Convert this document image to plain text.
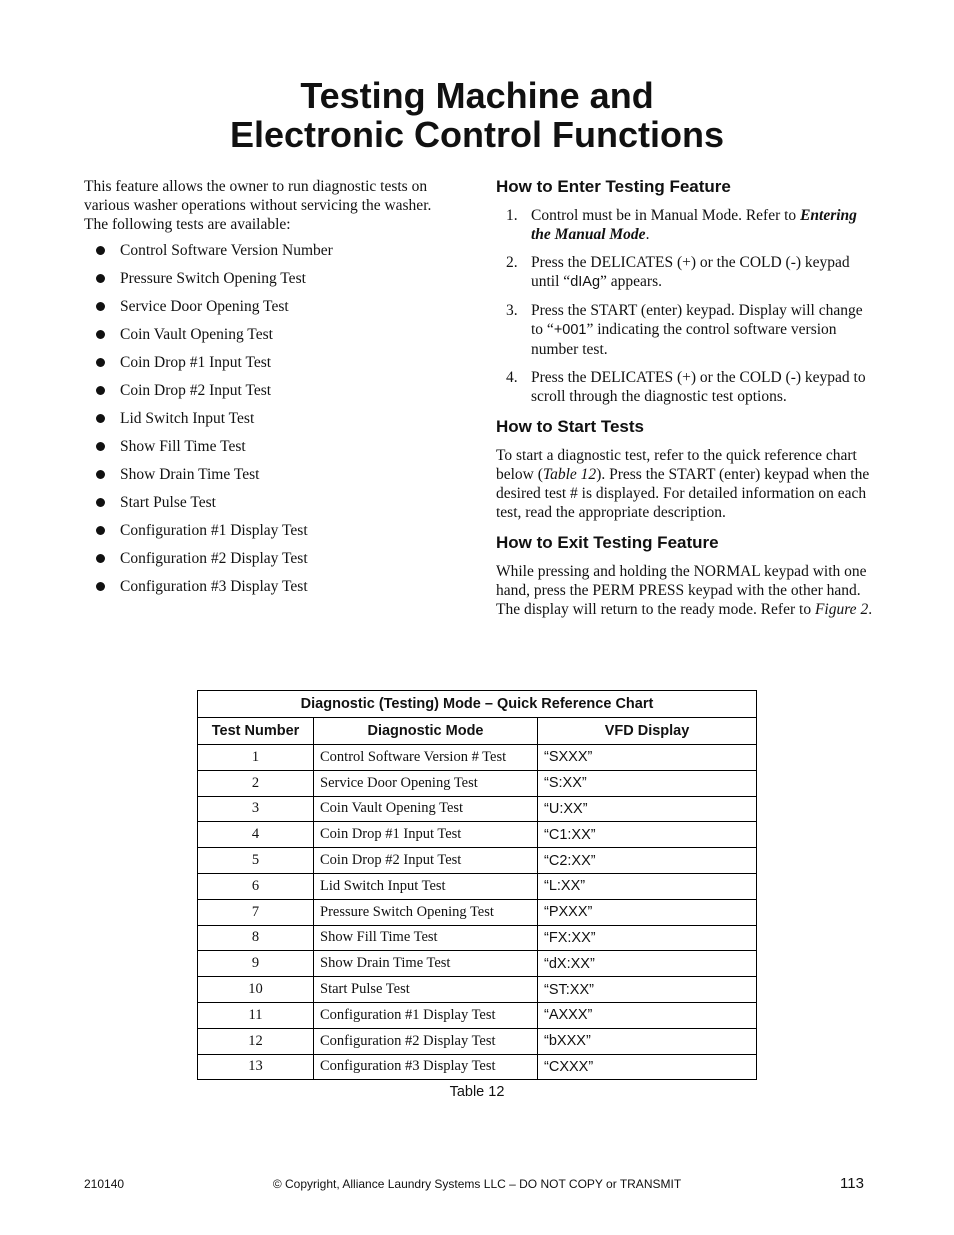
Testing Machine and
Electronic Control Functions

This feature allows the owner to run diagnostic tests on various washer operations without servicing the washer. The following tests are available:

Control Software Version Number
Pressure Switch Opening Test
Service Door Opening Test
Coin Vault Opening Test
Coin Drop #1 Input Test
Coin Drop #2 Input Test
Lid Switch Input Test
Show Fill Time Test
Show Drain Time Test
Start Pulse Test
Configuration #1 Display Test
Configuration #2 Display Test
Configuration #3 Display Test
How to Enter Testing Feature
1. Control must be in Manual Mode. Refer to Entering the Manual Mode.
2. Press the DELICATES (+) or the COLD (-) keypad until “dIAg” appears.
3. Press the START (enter) keypad. Display will change to “+001” indicating the control software version number test.
4. Press the DELICATES (+) or the COLD (-) keypad to scroll through the diagnostic test options.
How to Start Tests

To start a diagnostic test, refer to the quick reference chart below (Table 12). Press the START (enter) keypad when the desired test # is displayed. For detailed information on each test, read the appropriate description.

How to Exit Testing Feature

While pressing and holding the NORMAL keypad with one hand, press the PERM PRESS keypad with the other hand. The display will return to the ready mode. Refer to Figure 2.

Diagnostic (Testing) Mode – Quick Reference Chart		
Test Number	Diagnostic Mode	VFD Display
1	Control Software Version # Test	“SXXX”
2	Service Door Opening Test	“S:XX”
3	Coin Vault Opening Test	“U:XX”
4	Coin Drop #1 Input Test	“C1:XX”
5	Coin Drop #2 Input Test	“C2:XX”
6	Lid Switch Input Test	“L:XX”
7	Pressure Switch Opening Test	“PXXX”
8	Show Fill Time Test	“FX:XX”
9	Show Drain Time Test	“dX:XX”
10	Start Pulse Test	“ST:XX”
11	Configuration #1 Display Test	“AXXX”
12	Configuration #2 Display Test	“bXXX”
13	Configuration #3 Display Test	“CXXX”
Table 12
210140	© Copyright, Alliance Laundry Systems LLC – DO NOT COPY or TRANSMIT	113
